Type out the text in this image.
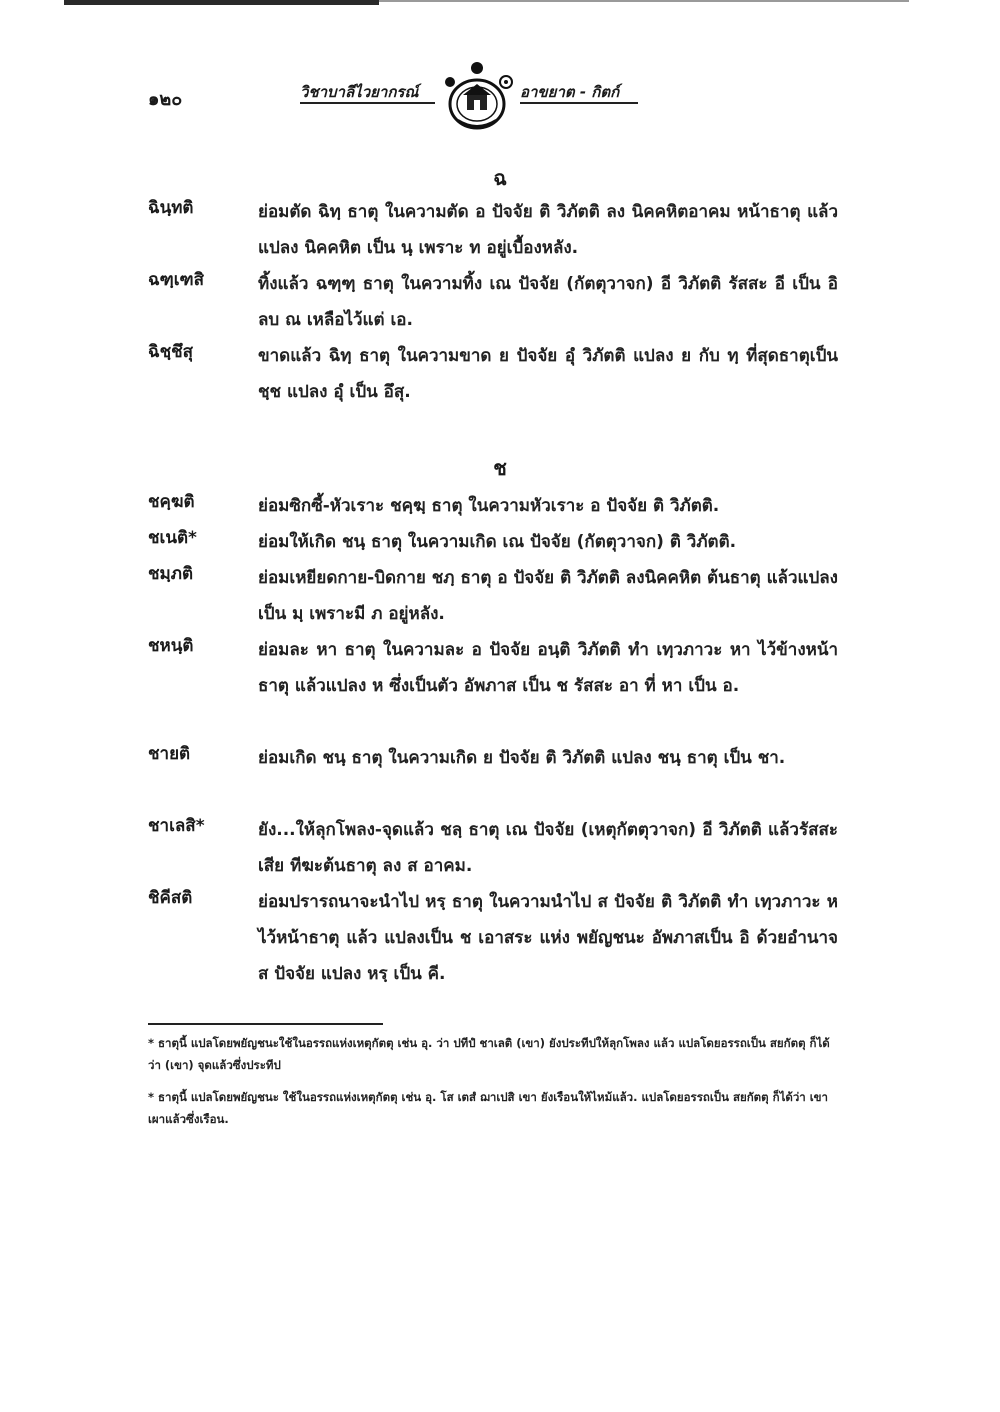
๑๒๐	วิชาบาลีไวยากรณ์	อาขยาต - กิตก์
ฉ
ฉินฺทติ	ย่อมตัด ฉิทฺ ธาตุ ในความตัด อ ปัจจัย ติ วิภัตติ ลง นิคคหิตอาคม หน้าธาตุ แล้วแปลง นิคคหิต เป็น นฺ เพราะ ท อยู่เบื้องหลัง.
ฉฑฺเฑสิ	ทิ้งแล้ว ฉฑฺฑฺ ธาตุ ในความทิ้ง เณ ปัจจัย (กัตตุวาจก) อี วิภัตติ รัสสะ อี เป็น อิ ลบ ณ เหลือไว้แต่ เอ.
ฉิชฺชึสุ	ขาดแล้ว ฉิทฺ ธาตุ ในความขาด ย ปัจจัย อุํ วิภัตติ แปลง ย กับ ทฺ ที่สุดธาตุเป็น ชฺช แปลง อุํ เป็น อึสุ.
ช
ชคฺฆติ	ย่อมซิกซี้-หัวเราะ ชคฺฆฺ ธาตุ ในความหัวเราะ อ ปัจจัย ติ วิภัตติ.
ชเนติ*	ย่อมให้เกิด ชนฺ ธาตุ ในความเกิด เณ ปัจจัย (กัตตุวาจก) ติ วิภัตติ.
ชมฺภติ	ย่อมเหยียดกาย-บิดกาย ชภฺ ธาตุ อ ปัจจัย ติ วิภัตติ ลงนิคคหิต ต้นธาตุ แล้วแปลงเป็น มฺ เพราะมี ภ อยู่หลัง.
ชหนฺติ	ย่อมละ หา ธาตุ ในความละ อ ปัจจัย อนฺติ วิภัตติ ทำ เทฺวภาวะ หา ไว้ข้างหน้าธาตุ แล้วแปลง ห ซึ่งเป็นตัว อัพภาส เป็น ช รัสสะ อา ที่ หา เป็น อ.
ชายติ	ย่อมเกิด ชนฺ ธาตุ ในความเกิด ย ปัจจัย ติ วิภัตติ แปลง ชนฺ ธาตุ เป็น ชา.
ชาเลสิ*	ยัง...ให้ลุกโพลง-จุดแล้ว ชลฺ ธาตุ เณ ปัจจัย (เหตุกัตตุวาจก) อี วิภัตติ แล้วรัสสะเสีย ทีฆะต้นธาตุ ลง ส อาคม.
ชิคีสติ	ย่อมปรารถนาจะนำไป หรฺ ธาตุ ในความนำไป ส ปัจจัย ติ วิภัตติ ทำ เทฺวภาวะ ห ไว้หน้าธาตุ แล้ว แปลงเป็น ช เอาสระ แห่ง พยัญชนะ อัพภาสเป็น อิ ด้วยอำนาจ ส ปัจจัย แปลง หรฺ เป็น คี.
* ธาตุนี้ แปลโดยพยัญชนะใช้ในอรรถแห่งเหตุกัตตุ เช่น อุ. ว่า ปทีปํ ชาเลติ (เขา) ยังประทีปให้ลุกโพลง แล้ว แปลโดยอรรถเป็น สยกัตตุ ก็ได้ว่า (เขา) จุดแล้วซึ่งประทีป
* ธาตุนี้ แปลโดยพยัญชนะ ใช้ในอรรถแห่งเหตุกัตตุ เช่น อุ. โส เตสํ ฌาเปสิ เขา ยังเรือนให้ไหม้แล้ว. แปลโดยอรรถเป็น สยกัตตุ ก็ได้ว่า เขา เผาแล้วซึ่งเรือน.
